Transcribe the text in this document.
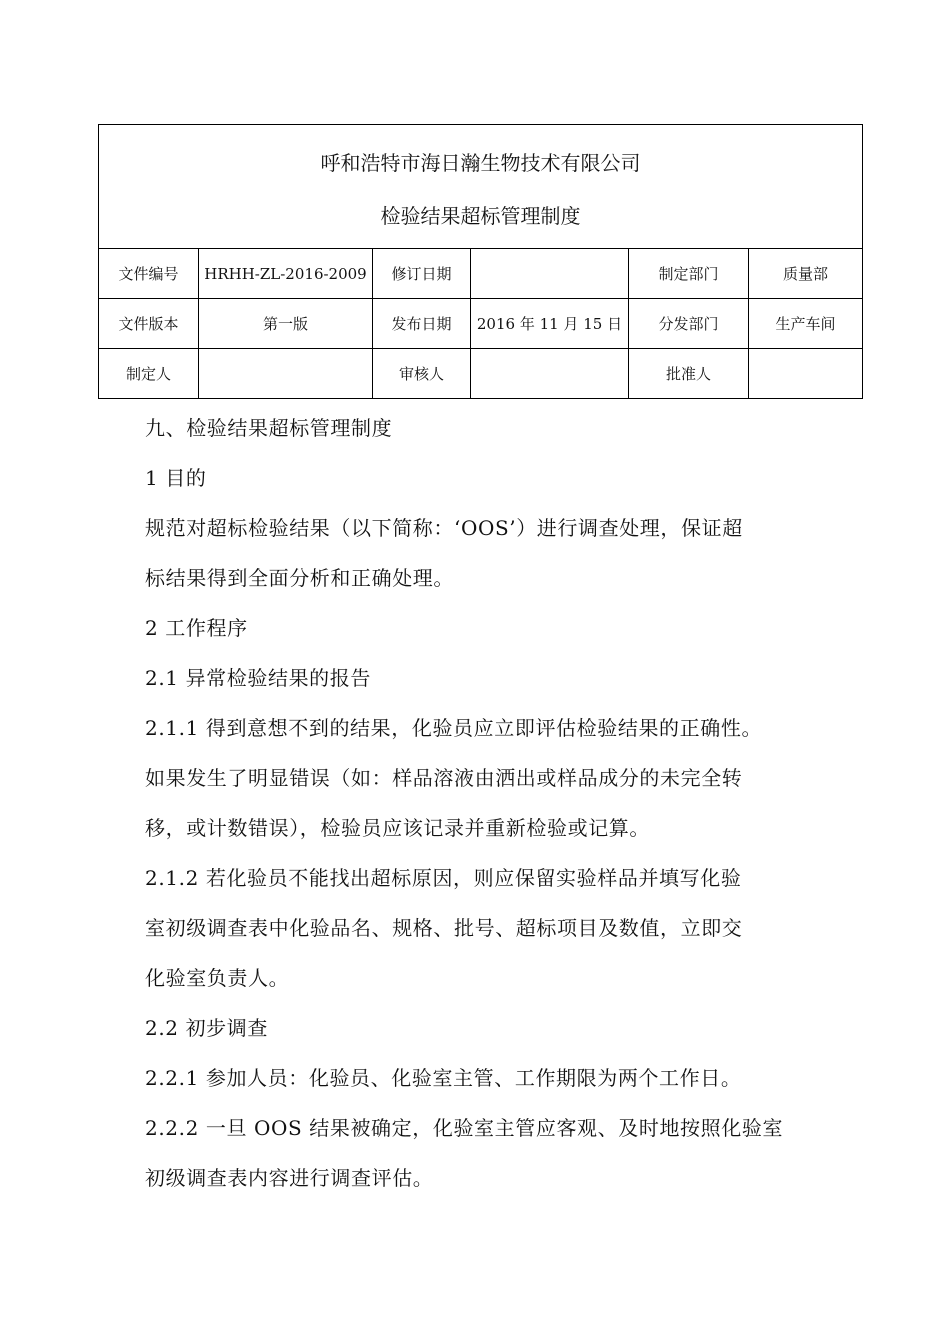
呼和浩特市海日瀚生物技术有限公司
检验结果超标管理制度					

文件编号	HRHH-ZL-2016-2009	修订日期		制定部门	质量部
文件版本	第一版	发布日期	2016 年 11 月 15 日	分发部门	生产车间
制定人		审核人		批准人	

九、检验结果超标管理制度

1 目的

规范对超标检验结果（以下简称：‘OOS’）进行调查处理，保证超

标结果得到全面分析和正确处理。

2 工作程序

2.1 异常检验结果的报告

2.1.1 得到意想不到的结果，化验员应立即评估检验结果的正确性。

如果发生了明显错误（如：样品溶液由洒出或样品成分的未完全转

移，或计数错误），检验员应该记录并重新检验或记算。

2.1.2 若化验员不能找出超标原因，则应保留实验样品并填写化验

室初级调查表中化验品名、规格、批号、超标项目及数值，立即交

化验室负责人。

2.2 初步调查

2.2.1 参加人员：化验员、化验室主管、工作期限为两个工作日。

2.2.2 一旦 OOS 结果被确定，化验室主管应客观、及时地按照化验室

初级调查表内容进行调查评估。
